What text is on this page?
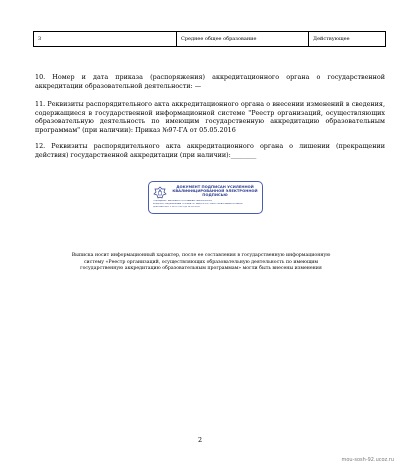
3	Среднее общее образование	Действующее
10. Номер и дата приказа (распоряжения) аккредитационного органа о государственной аккредитации образовательной деятельности: —
11. Реквизиты распорядительного акта аккредитационного органа о внесении изменений в сведения, содержащиеся в государственной информационной системе "Реестр организаций, осуществляющих образовательную деятельность по имеющим государственную аккредитацию образовательным программам" (при наличии): Приказ №97-ГА от 05.05.2016
12. Реквизиты распорядительного акта аккредитационного органа о лишении (прекращении действия) государственной аккредитации (при наличии):________
ДОКУМЕНТ ПОДПИСАН УСИЛЕННОЙ КВАЛИФИЦИРОВАННОЙ ЭЛЕКТРОННОЙ ПОДПИСЬЮ
Сертификат: 4A0D6B60D7D1D1AA0A0C0A0000000000
Владелец: ФЕДЕРАЛЬНАЯ СЛУЖБА ПО НАДЗОРУ В СФЕРЕ ОБРАЗОВАНИЯ И НАУКИ
Действителен: с 06.07.2023 до 28.09.2024
Выписка носит информационный характер, после ее составления в государственную информационную систему «Реестр организаций, осуществляющих образовательную деятельность по имеющим государственную аккредитацию образовательным программам» могли быть внесены изменения
2
mou-sosh-92.ucoz.ru
